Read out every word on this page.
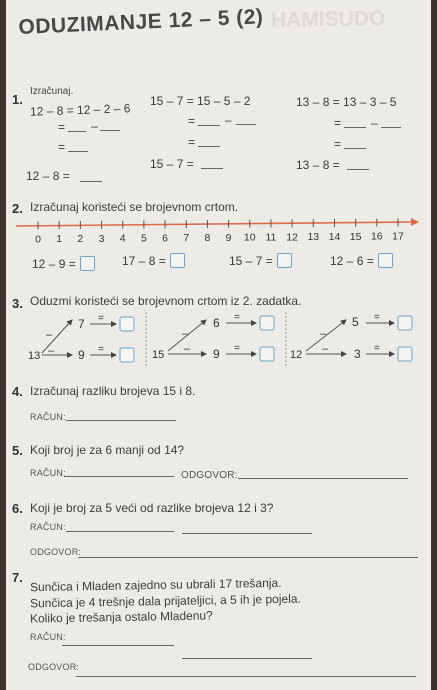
HAMISUDO
ODUZIMANJE 12 – 5 (2)
1.
Izračunaj.
12 – 8 = 12 – 2 – 6
= –
=
12 – 8 =
15 – 7 = 15 – 5 – 2
= –
=
15 – 7 =
13 – 8 = 13 – 3 – 5
= –
=
13 – 8 =
2. Izračunaj koristeći se brojevnom crtom.
0 1 2 3 4 5 6 7 8 9 10 11 12 13 14 15 16 17
12 – 9 =	17 – 8 =	15 – 7 =	12 – 6 =
3. Oduzmi koristeći se brojevnom crtom iz 2. zadatka.
13
–
–
7
9
=
=	15
–
–
6
9
=
=
12
–
–
5
3
=
=
4. Izračunaj razliku brojeva 15 i 8.
RAČUN:
5. Koji broj je za 6 manji od 14?
RAČUN:	ODGOVOR:
6. Koji je broj za 5 veći od razlike brojeva 12 i 3?
RAČUN:
ODGOVOR:
7. Sunčica i Mladen zajedno su ubrali 17 trešanja.
Sunčica je 4 trešnje dala prijateljici, a 5 ih je pojela.
Koliko je trešanja ostalo Mladenu?
RAČUN:
ODGOVOR:
